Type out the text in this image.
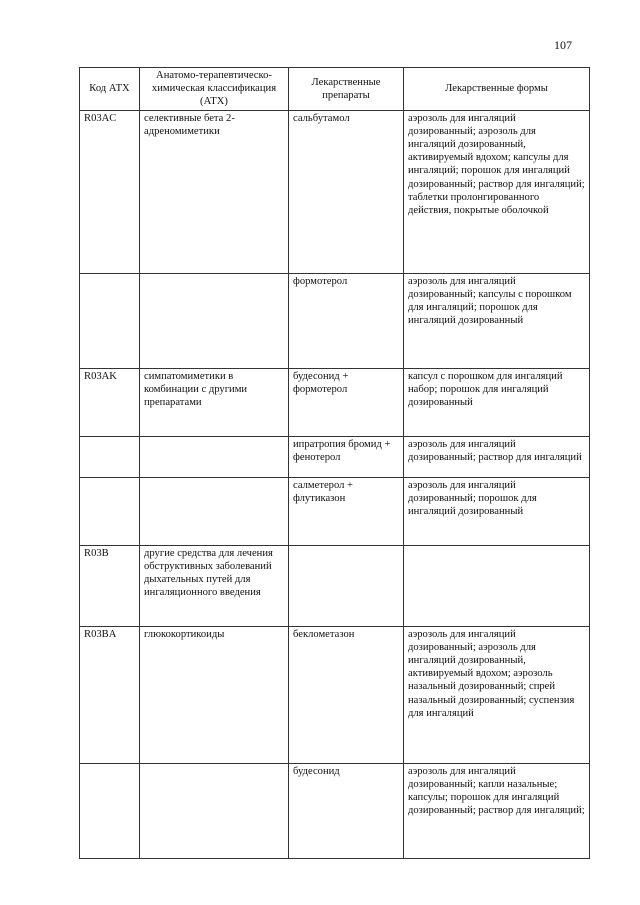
107
Код АТХ	Анатомо-терапевтическо-химическая классификация (АТХ)	Лекарственные препараты	Лекарственные формы
R03AC	селективные бета 2-адреномиметики	сальбутамол	аэрозоль для ингаляций дозированный; аэрозоль для ингаляций дозированный, активируемый вдохом; капсулы для ингаляций; порошок для ингаляций дозированный; раствор для ингаляций; таблетки пролонгированного действия, покрытые оболочкой
		формотерол	аэрозоль для ингаляций дозированный; капсулы с порошком для ингаляций; порошок для ингаляций дозированный
R03AK	симпатомиметики в комбинации с другими препаратами	будесонид + формотерол	капсул с порошком для ингаляций набор; порошок для ингаляций дозированный
		ипратропия бромид + фенотерол	аэрозоль для ингаляций дозированный; раствор для ингаляций
		салметерол + флутиказон	аэрозоль для ингаляций дозированный; порошок для ингаляций дозированный
R03B	другие средства для лечения обструктивных заболеваний дыхательных путей для ингаляционного введения		
R03BA	глюкокортикоиды	беклометазон	аэрозоль для ингаляций дозированный; аэрозоль для ингаляций дозированный, активируемый вдохом; аэрозоль назальный дозированный; спрей назальный дозированный; суспензия для ингаляций
		будесонид	аэрозоль для ингаляций дозированный; капли назальные; капсулы; порошок для ингаляций дозированный; раствор для ингаляций;
